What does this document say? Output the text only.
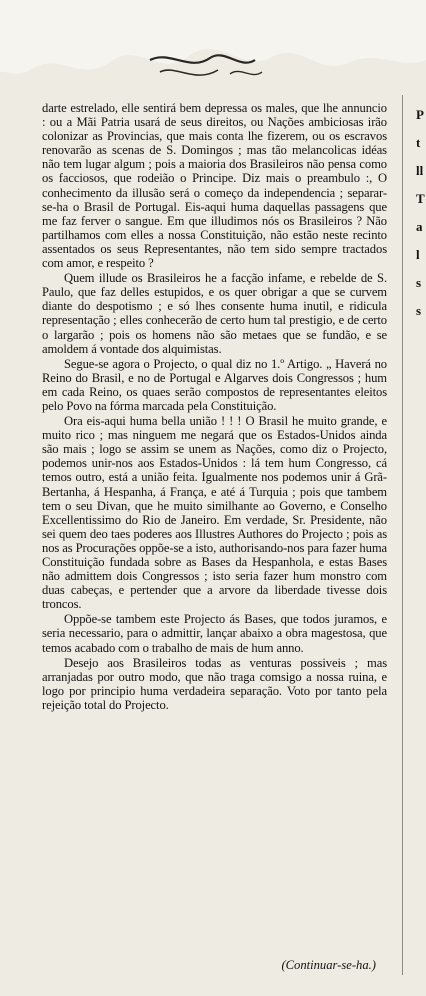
darte estrelado, elle sentirá bem depressa os males, que lhe annuncio : ou a Mãi Patria usará de seus direitos, ou Nações ambiciosas irão colonizar as Provincias, que mais conta lhe fizerem, ou os escravos renovarão as scenas de S. Domingos ; mas tão melancolicas idéas não tem lugar algum ; pois a maioria dos Brasileiros não pensa como os facciosos, que rodeião o Principe. Diz mais o preambulo :, O conhecimento da illusão será o começo da independencia ; separar-se-ha o Brasil de Portugal. Eis-aqui huma daquellas passagens que me faz ferver o sangue. Em que illudimos nós os Brasileiros ? Não partilhamos com elles a nossa Constituição, não estão neste recinto assentados os seus Representantes, não tem sido sempre tractados com amor, e respeito ?

Quem illude os Brasileiros he a facção infame, e rebelde de S. Paulo, que faz delles estupidos, e os quer obrigar a que se curvem diante do despotismo ; e só lhes consente huma inutil, e ridicula representação ; elles conhecerão de certo hum tal prestigio, e de certo o largarão ; pois os homens não são metaes que se fundão, e se amoldem á vontade dos alquimistas.

Segue-se agora o Projecto, o qual diz no 1.º Artigo. „ Haverá no Reino do Brasil, e no de Portugal e Algarves dois Congressos ; hum em cada Reino, os quaes serão compostos de representantes eleitos pelo Povo na fórma marcada pela Constituição.

Ora eis-aqui huma bella união ! ! ! O Brasil he muito grande, e muito rico ; mas ninguem me negará que os Estados-Unidos ainda são mais ; logo se assim se unem as Nações, como diz o Projecto, podemos unir-nos aos Estados-Unidos : lá tem hum Congresso, cá temos outro, está a união feita. Igualmente nos podemos unir á Grã-Bertanha, á Hespanha, á França, e até á Turquia ; pois que tambem tem o seu Divan, que he muito similhante ao Governo, e Conselho Excellentissimo do Rio de Janeiro. Em verdade, Sr. Presidente, não sei quem deo taes poderes aos Illustres Authores do Projecto ; pois as nos as Procurações oppõe-se a isto, authorisando-nos para fazer huma Constituição fundada sobre as Bases da Hespanhola, e estas Bases não admittem dois Congressos ; isto seria fazer hum monstro com duas cabeças, e pertender que a arvore da liberdade tivesse dois troncos.

Oppõe-se tambem este Projecto ás Bases, que todos juramos, e seria necessario, para o admittir, lançar abaixo a obra magestosa, que temos acabado com o trabalho de mais de hum anno.

Desejo aos Brasileiros todas as venturas possiveis ; mas arranjadas por outro modo, que não traga comsigo a nossa ruina, e logo por principio huma verdadeira separação. Voto por tanto pela rejeição total do Projecto.

(Continuar-se-ha.)
P
t
ll
T
a
l
s
s
